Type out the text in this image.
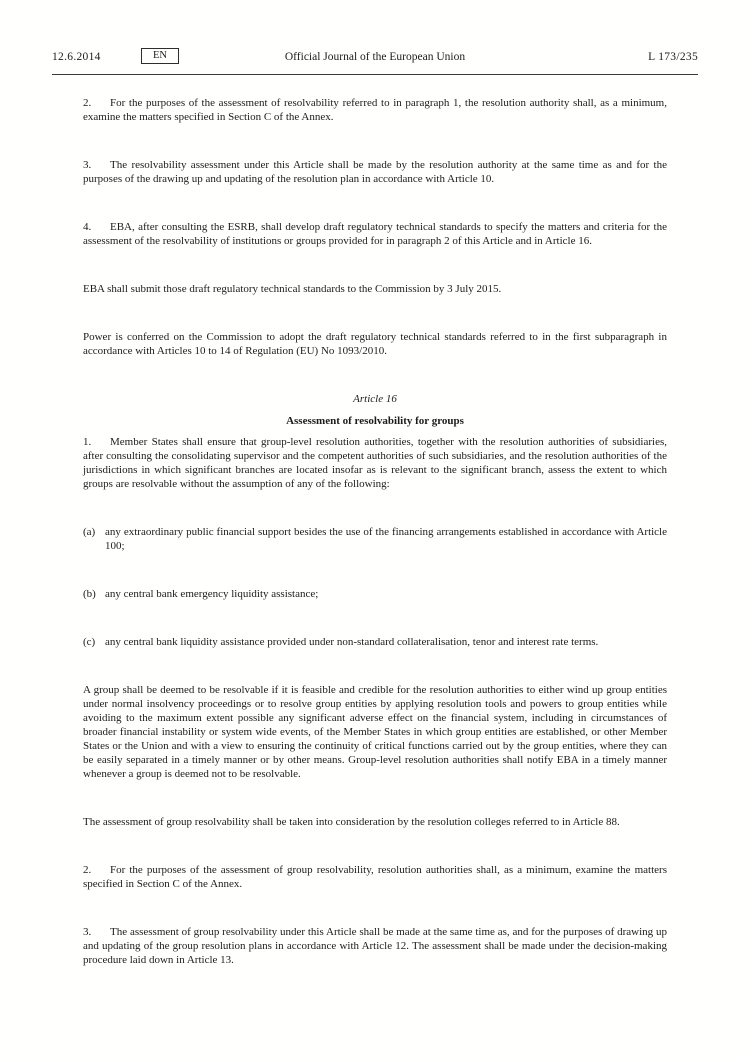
12.6.2014	EN	Official Journal of the European Union	L 173/235
2. For the purposes of the assessment of resolvability referred to in paragraph 1, the resolution authority shall, as a minimum, examine the matters specified in Section C of the Annex.
3. The resolvability assessment under this Article shall be made by the resolution authority at the same time as and for the purposes of the drawing up and updating of the resolution plan in accordance with Article 10.
4. EBA, after consulting the ESRB, shall develop draft regulatory technical standards to specify the matters and criteria for the assessment of the resolvability of institutions or groups provided for in paragraph 2 of this Article and in Article 16.
EBA shall submit those draft regulatory technical standards to the Commission by 3 July 2015.
Power is conferred on the Commission to adopt the draft regulatory technical standards referred to in the first subparagraph in accordance with Articles 10 to 14 of Regulation (EU) No 1093/2010.
Article 16
Assessment of resolvability for groups
1. Member States shall ensure that group-level resolution authorities, together with the resolution authorities of subsidiaries, after consulting the consolidating supervisor and the competent authorities of such subsidiaries, and the resolution authorities of the jurisdictions in which significant branches are located insofar as is relevant to the significant branch, assess the extent to which groups are resolvable without the assumption of any of the following:
(a) any extraordinary public financial support besides the use of the financing arrangements established in accordance with Article 100;
(b) any central bank emergency liquidity assistance;
(c) any central bank liquidity assistance provided under non-standard collateralisation, tenor and interest rate terms.
A group shall be deemed to be resolvable if it is feasible and credible for the resolution authorities to either wind up group entities under normal insolvency proceedings or to resolve group entities by applying resolution tools and powers to group entities while avoiding to the maximum extent possible any significant adverse effect on the financial system, including in circumstances of broader financial instability or system wide events, of the Member States in which group entities are established, or other Member States or the Union and with a view to ensuring the continuity of critical functions carried out by the group entities, where they can be easily separated in a timely manner or by other means. Group-level resolution authorities shall notify EBA in a timely manner whenever a group is deemed not to be resolvable.
The assessment of group resolvability shall be taken into consideration by the resolution colleges referred to in Article 88.
2. For the purposes of the assessment of group resolvability, resolution authorities shall, as a minimum, examine the matters specified in Section C of the Annex.
3. The assessment of group resolvability under this Article shall be made at the same time as, and for the purposes of drawing up and updating of the group resolution plans in accordance with Article 12. The assessment shall be made under the decision-making procedure laid down in Article 13.
